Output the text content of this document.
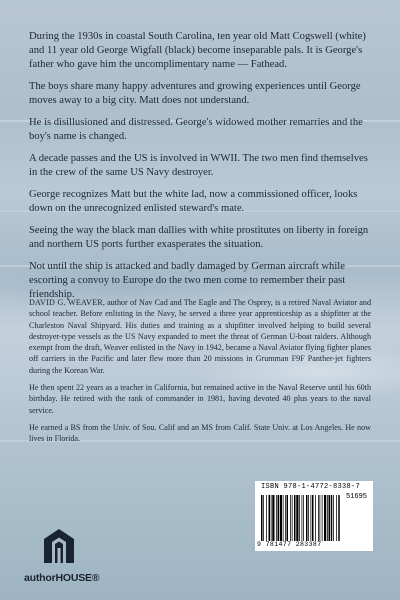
During the 1930s in coastal South Carolina, ten year old Matt Cogswell (white) and 11 year old George Wigfall (black) become inseparable pals. It is George's father who gave him the uncomplimentary name — Fathead.

The boys share many happy adventures and growing experiences until George moves away to a big city. Matt does not understand.

He is disillusioned and distressed. George's widowed mother remarries and the boy's name is changed.

A decade passes and the US is involved in WWII. The two men find themselves in the crew of the same US Navy destroyer.

George recognizes Matt but the white lad, now a commissioned officer, looks down on the unrecognized enlisted steward's mate.

Seeing the way the black man dallies with white prostitutes on liberty in foreign and northern US ports further exasperates the situation.

Not until the ship is attacked and badly damaged by German aircraft while escorting a convoy to Europe do the two men come to remember their past friendship.

DAVID G. WEAVER, author of Nav Cad and The Eagle and The Osprey, is a retired Naval Aviator and school teacher. Before enlisting in the Navy, he served a three year apprenticeship as a shipfitter at the Charleston Naval Shipyard. His duties and training as a shipfitter involved helping to build several destroyer-type vessels as the US Navy expanded to meet the threat of German U-boat raiders. Although exempt from the draft, Weaver enlisted in the Navy in 1942, became a Naval Aviator flying fighter planes off carriers in the Pacific and later flew more than 20 missions in Grumman F9F Panther-jet fighters during the Korean War.

He then spent 22 years as a teacher in California, but remained active in the Naval Reserve until his 60th birthday. He retired with the rank of commander in 1981, having devoted 40 plus years to the naval service.

He earned a BS from the Univ. of Sou. Calif and an MS from Calif. State Univ. at Los Angeles. He now lives in Florida.

authorHOUSE®
ISBN 978-1-4772-8338-7
51695
9 781477 283387
